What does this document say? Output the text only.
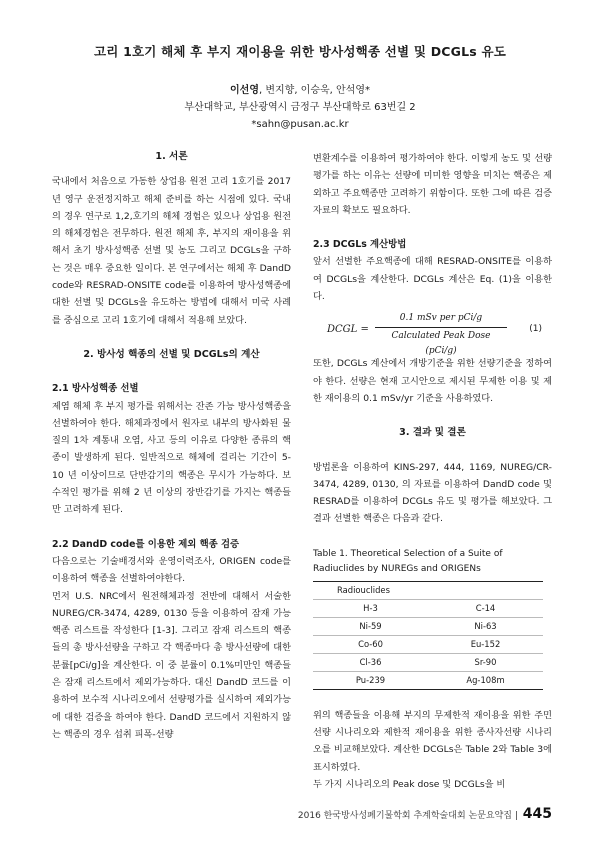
고리 1호기 해체 후 부지 재이용을 위한 방사성핵종 선별 및 DCGLs 유도
이선영, 변지향, 이승욱, 안석영*
부산대학교, 부산광역시 금정구 부산대학로 63번길 2
*sahn@pusan.ac.kr
1. 서론

국내에서 처음으로 가동한 상업용 원전 고리 1호기를 2017년 영구 운전정지하고 해체 준비를 하는 시점에 있다. 국내의 경우 연구로 1,2,호기의 해체 경험은 있으나 상업용 원전의 해체경험은 전무하다. 원전 해체 후, 부지의 재이용을 위해서 초기 방사성핵종 선별 및 농도 그리고 DCGLs을 구하는 것은 매우 중요한 일이다. 본 연구에서는 해체 후 DandD code와 RESRAD-ONSITE code를 이용하여 방사성핵종에 대한 선별 및 DCGLs을 유도하는 방법에 대해서 미국 사례를 중심으로 고리 1호기에 대해서 적용해 보았다.

2. 방사성 핵종의 선별 및 DCGLs의 계산
2.1 방사성핵종 선별

제염 해체 후 부지 평가를 위해서는 잔존 가능 방사성핵종을 선별하여야 한다. 해체과정에서 원자로 내부의 방사화된 물질의 1차 계통내 오염, 사고 등의 이유로 다양한 종류의 핵종이 발생하게 된다. 일반적으로 해체에 걸리는 기간이 5-10 년 이상이므로 단반감기의 핵종은 무시가 가능하다. 보수적인 평가를 위해 2 년 이상의 장반감기를 가지는 핵종들만 고려하게 된다.

2.2 DandD code를 이용한 제외 핵종 검증

다음으로는 기술배경서와 운영이력조사, ORIGEN code를 이용하여 핵종을 선별하여야한다.

먼저 U.S. NRC에서 원전해체과정 전반에 대해서 서술한 NUREG/CR-3474, 4289, 0130 등을 이용하여 잠재 가능 핵종 리스트를 작성한다 [1-3]. 그리고 잠재 리스트의 핵종들의 총 방사선량을 구하고 각 핵종마다 총 방사선량에 대한 분률[pCi/g]을 계산한다. 이 중 분률이 0.1%미만인 핵종들은 잠재 리스트에서 제외가능하다. 대신 DandD 코드를 이용하여 보수적 시나리오에서 선량평가를 실시하여 제외가능에 대한 검증을 하여야 한다. DandD 코드에서 지원하지 않는 핵종의 경우 섭취 피폭-선량

변환계수를 이용하여 평가하여야 한다. 이렇게 농도 및 선량평가를 하는 이유는 선량에 미미한 영향을 미치는 핵종은 제외하고 주요핵종만 고려하기 위함이다. 또한 그에 따른 검증자료의 확보도 필요하다.

2.3 DCGLs 계산방법

앞서 선별한 주요핵종에 대해 RESRAD-ONSITE를 이용하여 DCGLs을 계산한다. DCGLs 계산은 Eq. (1)을 이용한다.

DCGL =
0.1 mSv per pCi/g
Calculated Peak Dose (pCi/g)
(1)

또한, DCGLs 계산에서 개방기준을 위한 선량기준을 정하여야 한다. 선량은 현재 고시안으로 제시된 무제한 이용 및 제한 재이용의 0.1 mSv/yr 기준을 사용하였다.

3. 결과 및 결론

방법론을 이용하여 KINS-297, 444, 1169, NUREG/CR-3474, 4289, 0130, 의 자료를 이용하여 DandD code 및 RESRAD를 이용하여 DCGLs 유도 및 평가를 해보았다. 그 결과 선별한 핵종은 다음과 같다.

Table 1. Theoretical Selection of a Suite of Radiuclides by NUREGs and ORIGENs
Radiouclides	
H-3	C-14
Ni-59	Ni-63
Co-60	Eu-152
Cl-36	Sr-90
Pu-239	Ag-108m

위의 핵종들을 이용해 부지의 무제한적 재이용을 위한 주민선량 시나리오와 제한적 재이용을 위한 종사자선량 시나리오를 비교해보았다. 계산한 DCGLs은 Table 2와 Table 3에 표시하였다.

두 가지 시나리오의 Peak dose 및 DCGLs을 비

2016 한국방사성폐기물학회 추계학술대회 논문요약집 | 445
